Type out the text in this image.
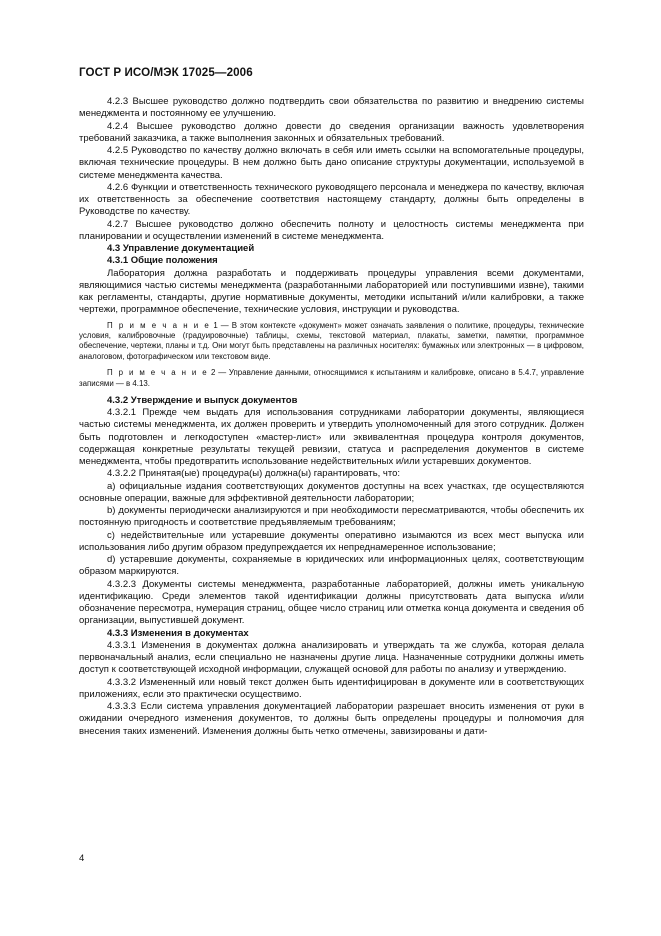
ГОСТ Р ИСО/МЭК 17025—2006

4.2.3 Высшее руководство должно подтвердить свои обязательства по развитию и внедрению системы менеджмента и постоянному ее улучшению.

4.2.4 Высшее руководство должно довести до сведения организации важность удовлетворения требований заказчика, а также выполнения законных и обязательных требований.

4.2.5 Руководство по качеству должно включать в себя или иметь ссылки на вспомогательные процедуры, включая технические процедуры. В нем должно быть дано описание структуры документации, используемой в системе менеджмента качества.

4.2.6 Функции и ответственность технического руководящего персонала и менеджера по качеству, включая их ответственность за обеспечение соответствия настоящему стандарту, должны быть определены в Руководстве по качеству.

4.2.7 Высшее руководство должно обеспечить полноту и целостность системы менеджмента при планировании и осуществлении изменений в системе менеджмента.

4.3 Управление документацией

4.3.1 Общие положения

Лаборатория должна разработать и поддерживать процедуры управления всеми документами, являющимися частью системы менеджмента (разработанными лабораторией или поступившими извне), такими как регламенты, стандарты, другие нормативные документы, методики испытаний и/или калибровки, а также чертежи, программное обеспечение, технические условия, инструкции и руководства.

П р и м е ч а н и е 1 — В этом контексте «документ» может означать заявления о политике, процедуры, технические условия, калибровочные (градуировочные) таблицы, схемы, текстовой материал, плакаты, заметки, памятки, программное обеспечение, чертежи, планы и т.д. Они могут быть представлены на различных носителях: бумажных или электронных — в цифровом, аналоговом, фотографическом или текстовом виде.

П р и м е ч а н и е 2 — Управление данными, относящимися к испытаниям и калибровке, описано в 5.4.7, управление записями — в 4.13.

4.3.2 Утверждение и выпуск документов

4.3.2.1 Прежде чем выдать для использования сотрудниками лаборатории документы, являющиеся частью системы менеджмента, их должен проверить и утвердить уполномоченный для этого сотрудник. Должен быть подготовлен и легкодоступен «мастер-лист» или эквивалентная процедура контроля документов, содержащая конкретные результаты текущей ревизии, статуса и распределения документов в системе менеджмента, чтобы предотвратить использование недействительных и/или устаревших документов.

4.3.2.2 Принятая(ые) процедура(ы) должна(ы) гарантировать, что:

a) официальные издания соответствующих документов доступны на всех участках, где осуществляются основные операции, важные для эффективной деятельности лаборатории;

b) документы периодически анализируются и при необходимости пересматриваются, чтобы обеспечить их постоянную пригодность и соответствие предъявляемым требованиям;

c) недействительные или устаревшие документы оперативно изымаются из всех мест выпуска или использования либо другим образом предупреждается их непреднамеренное использование;

d) устаревшие документы, сохраняемые в юридических или информационных целях, соответствующим образом маркируются.

4.3.2.3 Документы системы менеджмента, разработанные лабораторией, должны иметь уникальную идентификацию. Среди элементов такой идентификации должны присутствовать дата выпуска и/или обозначение пересмотра, нумерация страниц, общее число страниц или отметка конца документа и сведения об организации, выпустившей документ.

4.3.3 Изменения в документах

4.3.3.1 Изменения в документах должна анализировать и утверждать та же служба, которая делала первоначальный анализ, если специально не назначены другие лица. Назначенные сотрудники должны иметь доступ к соответствующей исходной информации, служащей основой для работы по анализу и утверждению.

4.3.3.2 Измененный или новый текст должен быть идентифицирован в документе или в соответствующих приложениях, если это практически осуществимо.

4.3.3.3 Если система управления документацией лаборатории разрешает вносить изменения от руки в ожидании очередного изменения документов, то должны быть определены процедуры и полномочия для внесения таких изменений. Изменения должны быть четко отмечены, завизированы и дати-

4
